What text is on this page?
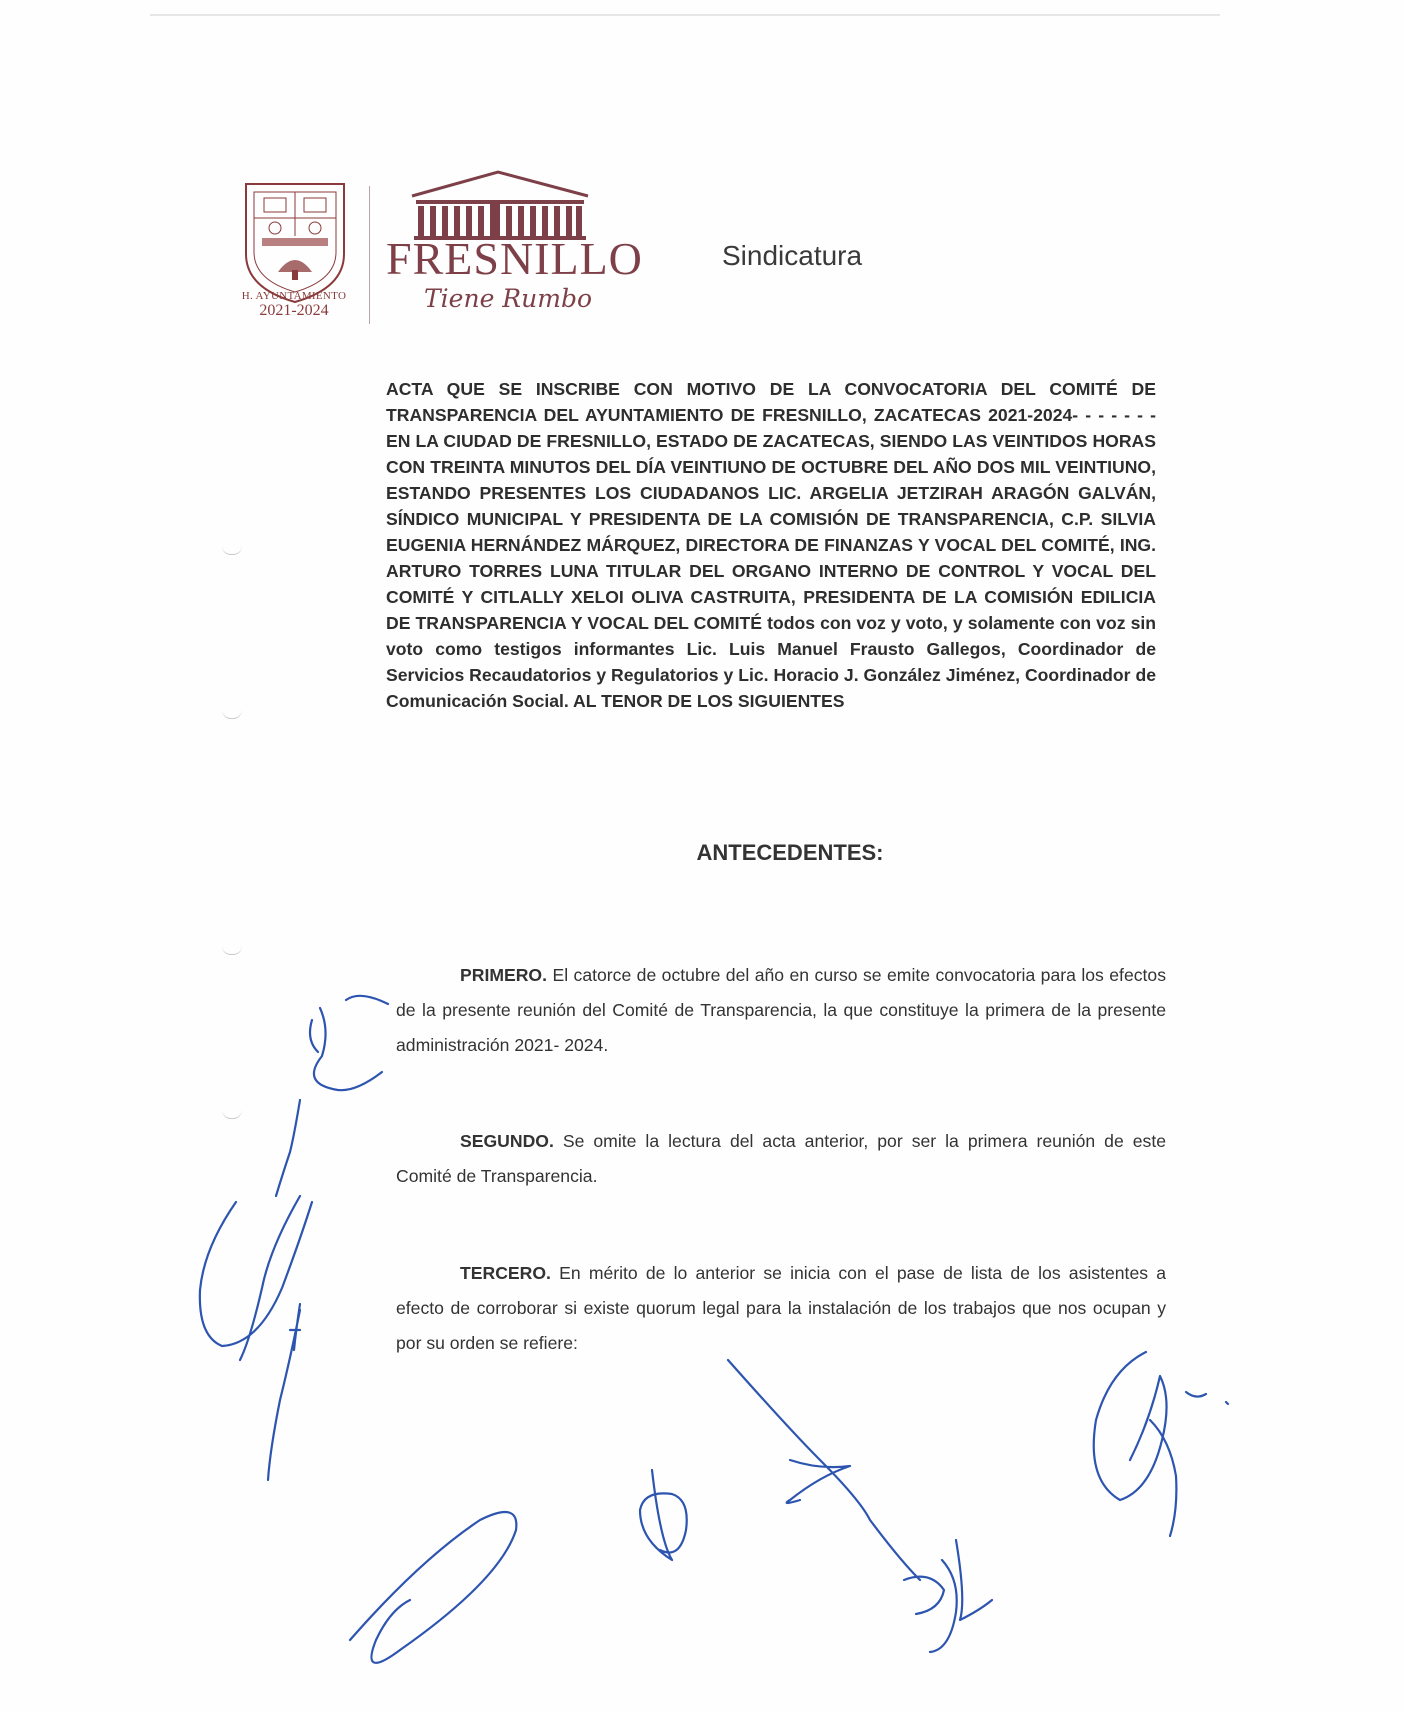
H. AYUNTAMIENTO
2021-2024
FRESNILLO
Tiene Rumbo
Sindicatura
ACTA QUE SE INSCRIBE CON MOTIVO DE LA CONVOCATORIA DEL COMITÉ DE TRANSPARENCIA DEL AYUNTAMIENTO DE FRESNILLO, ZACATECAS 2021-2024- - - - - - - EN LA CIUDAD DE FRESNILLO, ESTADO DE ZACATECAS, SIENDO LAS VEINTIDOS HORAS CON TREINTA MINUTOS DEL DÍA VEINTIUNO DE OCTUBRE DEL AÑO DOS MIL VEINTIUNO, ESTANDO PRESENTES LOS CIUDADANOS LIC. ARGELIA JETZIRAH ARAGÓN GALVÁN, SÍNDICO MUNICIPAL Y PRESIDENTA DE LA COMISIÓN DE TRANSPARENCIA, C.P. SILVIA EUGENIA HERNÁNDEZ MÁRQUEZ, DIRECTORA DE FINANZAS Y VOCAL DEL COMITÉ, ING. ARTURO TORRES LUNA TITULAR DEL ORGANO INTERNO DE CONTROL Y VOCAL DEL COMITÉ Y CITLALLY XELOI OLIVA CASTRUITA, PRESIDENTA DE LA COMISIÓN EDILICIA DE TRANSPARENCIA Y VOCAL DEL COMITÉ todos con voz y voto, y solamente con voz sin voto como testigos informantes Lic. Luis Manuel Frausto Gallegos, Coordinador de Servicios Recaudatorios y Regulatorios y Lic. Horacio J. González Jiménez, Coordinador de Comunicación Social. AL TENOR DE LOS SIGUIENTES
ANTECEDENTES:
PRIMERO. El catorce de octubre del año en curso se emite convocatoria para los efectos de la presente reunión del Comité de Transparencia, la que constituye la primera de la presente administración 2021- 2024.
SEGUNDO. Se omite la lectura del acta anterior, por ser la primera reunión de este Comité de Transparencia.
TERCERO. En mérito de lo anterior se inicia con el pase de lista de los asistentes a efecto de corroborar si existe quorum legal para la instalación de los trabajos que nos ocupan y por su orden se refiere:
